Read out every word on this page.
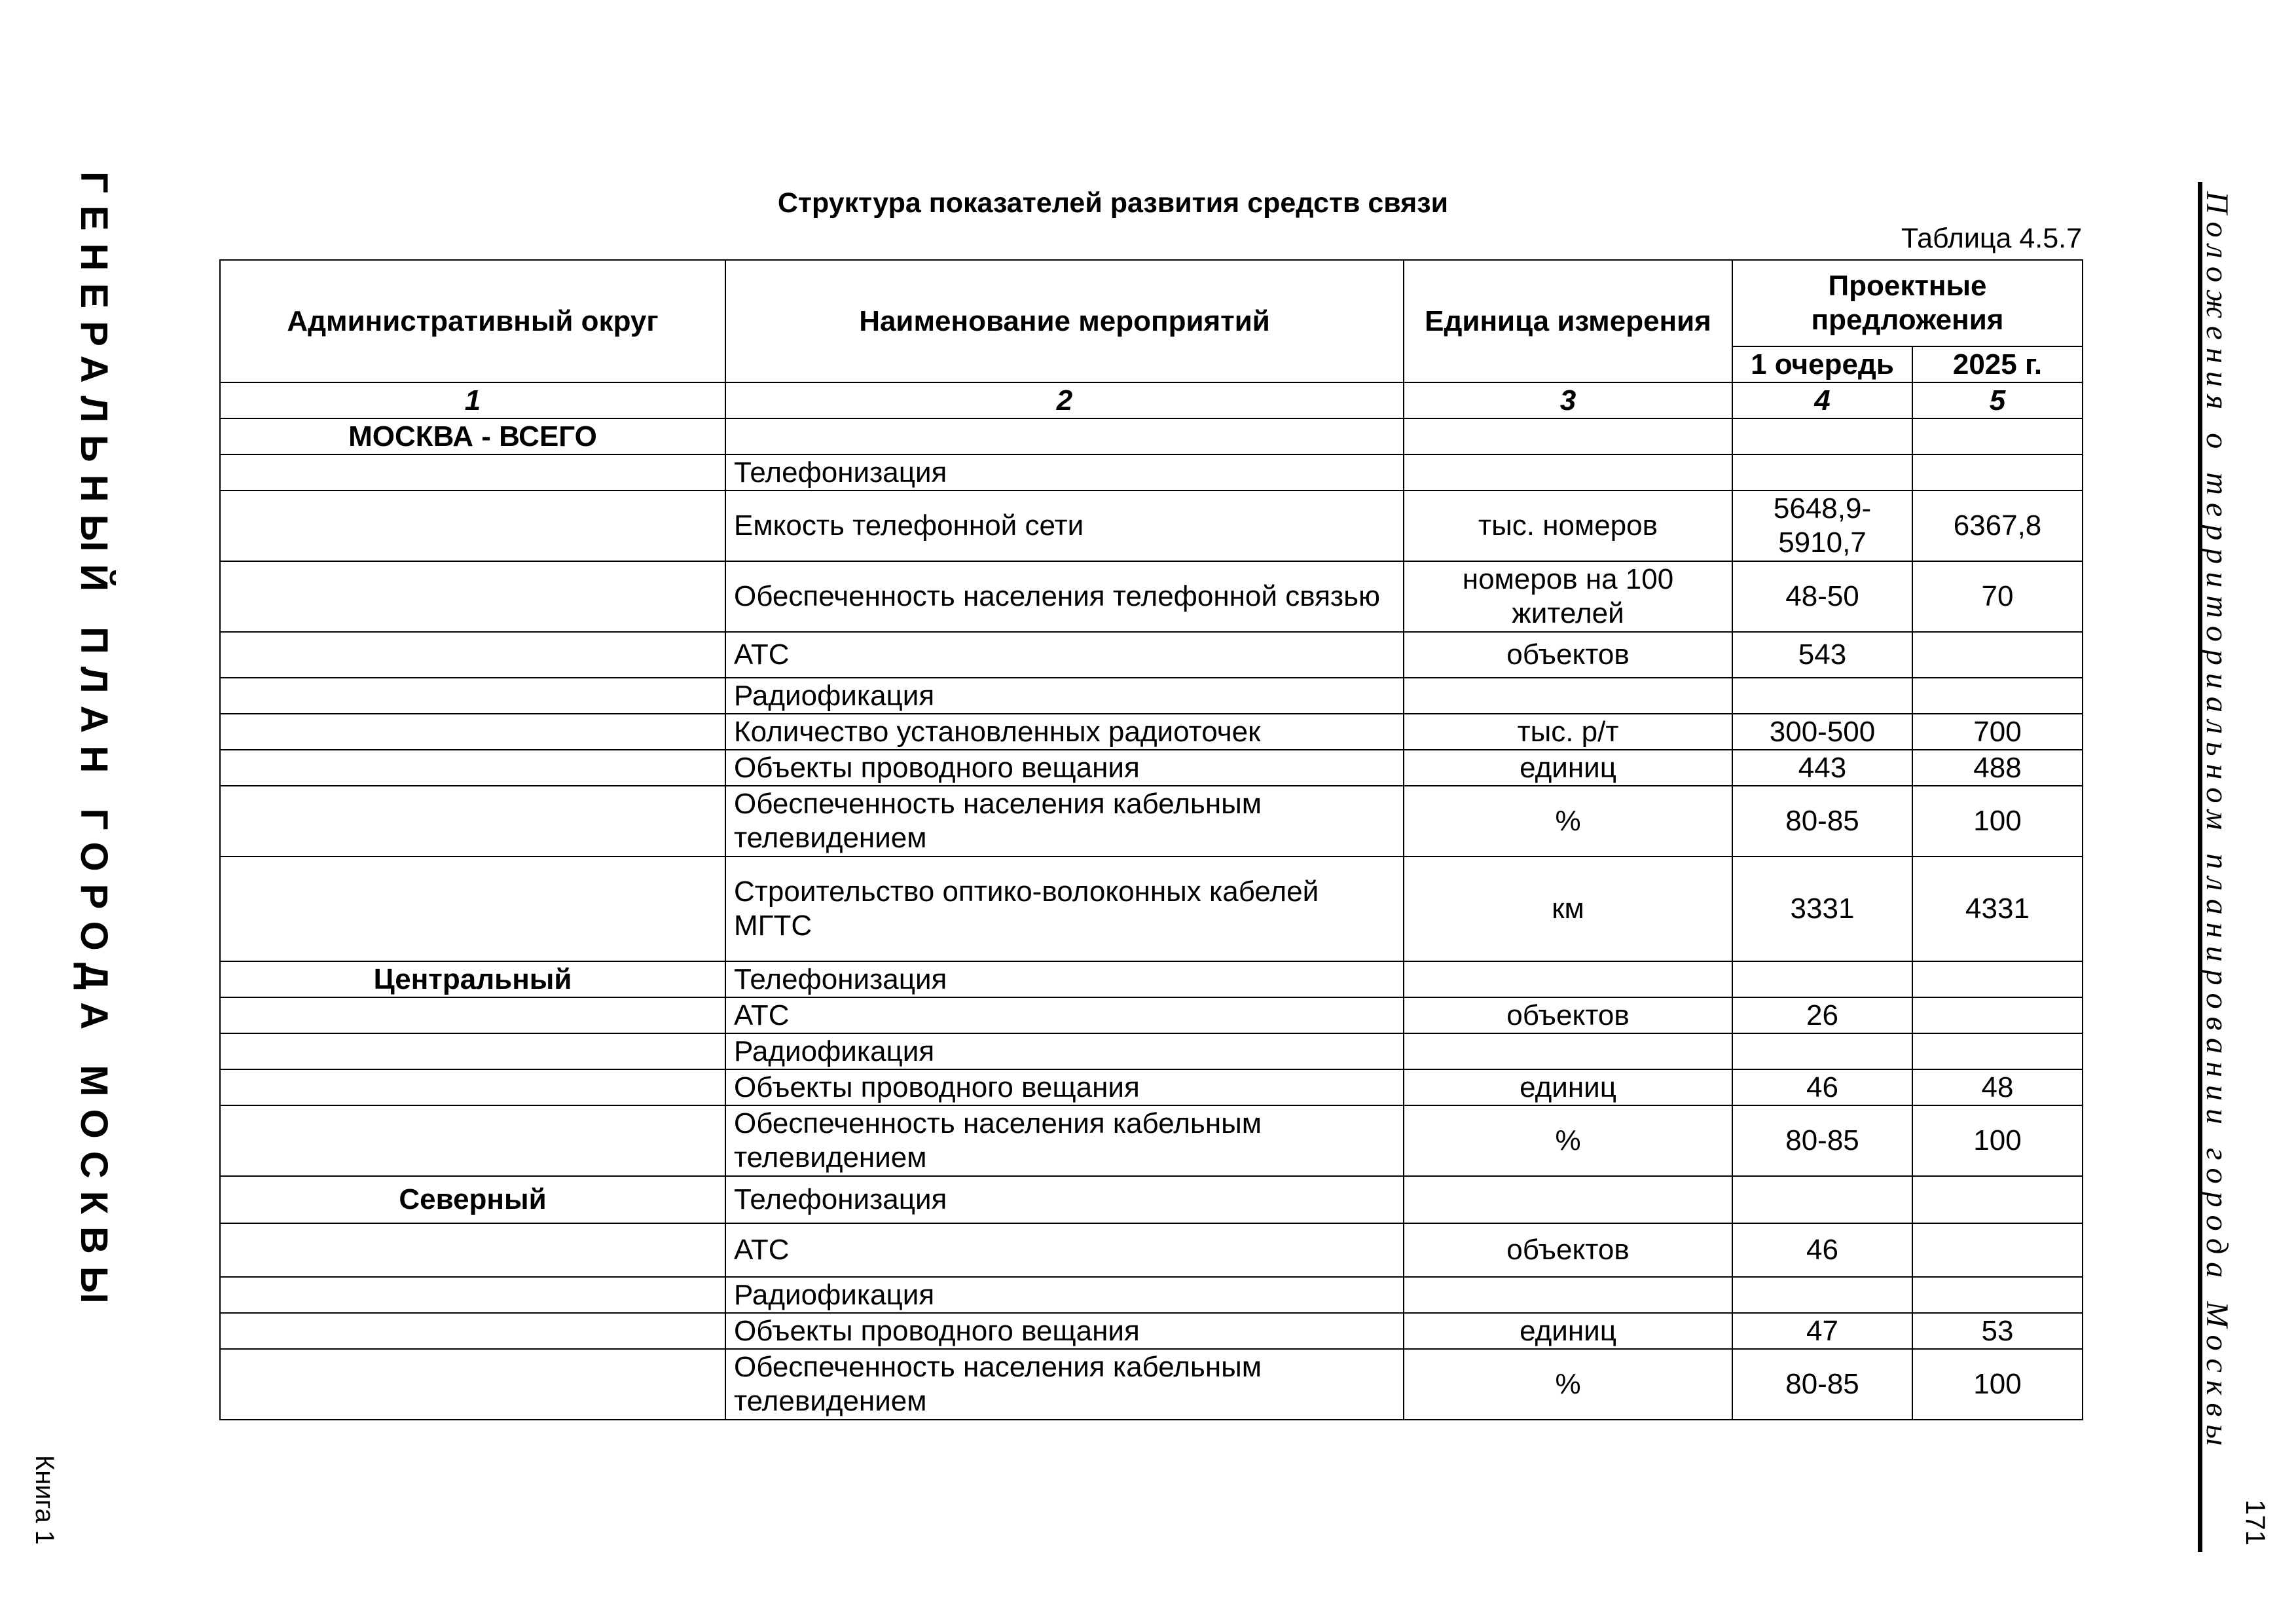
ГЕНЕРАЛЬНЫЙ ПЛАН ГОРОДА МОСКВЫ
Книга 1
Положения о территориальном планировании города Москвы
171
Структура показателей развития средств связи
Таблица 4.5.7
Административный округ	Наименование мероприятий	Единица измерения	Проектные предложения	
			1 очередь	2025 г.
1	2	3	4	5
МОСКВА - ВСЕГО				
	Телефонизация			
	Емкость телефонной сети	тыс. номеров	5648,9-5910,7	6367,8
	Обеспеченность населения телефонной связью	номеров на 100 жителей	48-50	70
	АТС	объектов	543	
	Радиофикация			
	Количество установленных радиоточек	тыс. р/т	300-500	700
	Объекты проводного вещания	единиц	443	488
	Обеспеченность населения кабельным телевидением	%	80-85	100
	Строительство оптико-волоконных кабелей МГТС	км	3331	4331
Центральный	Телефонизация			
	АТС	объектов	26	
	Радиофикация			
	Объекты проводного вещания	единиц	46	48
	Обеспеченность населения кабельным телевидением	%	80-85	100
Северный	Телефонизация			
	АТС	объектов	46	
	Радиофикация			
	Объекты проводного вещания	единиц	47	53
	Обеспеченность населения кабельным телевидением	%	80-85	100
